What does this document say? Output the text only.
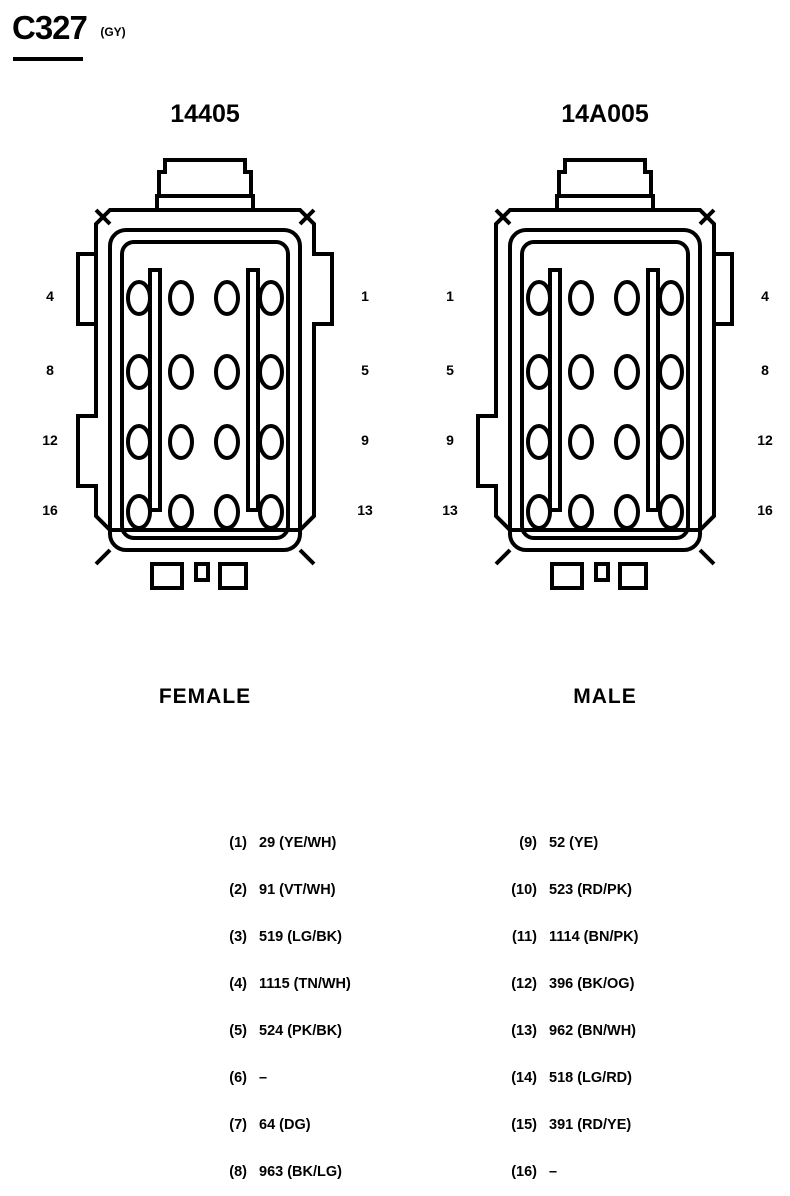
C327 (GY)
14405
4
8
12
16
1
5
9
13
FEMALE
14A005
1
5
9
13
4
8
12
16
MALE
(1) 29 (YE/WH)
(2) 91 (VT/WH)
(3) 519 (LG/BK)
(4) 1115 (TN/WH)
(5) 524 (PK/BK)
(6) –
(7) 64 (DG)
(8) 963 (BK/LG)
(9) 52 (YE)
(10) 523 (RD/PK)
(11) 1114 (BN/PK)
(12) 396 (BK/OG)
(13) 962 (BN/WH)
(14) 518 (LG/RD)
(15) 391 (RD/YE)
(16) –
